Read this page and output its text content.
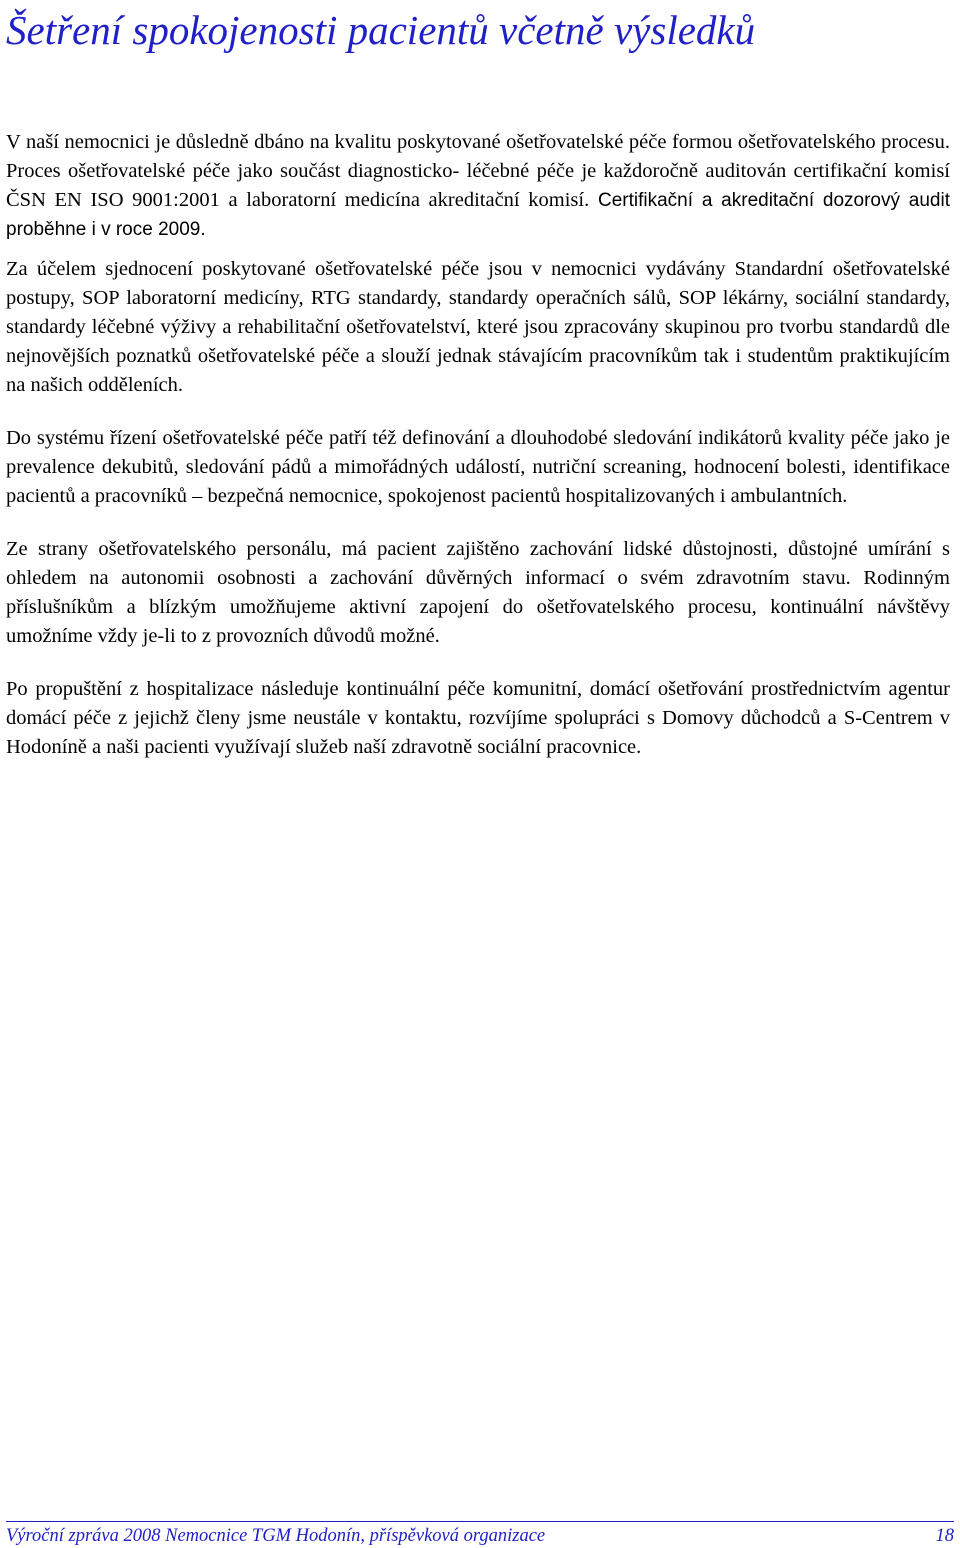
Šetření spokojenosti pacientů včetně výsledků

V naší nemocnici je důsledně dbáno na kvalitu poskytované ošetřovatelské péče formou ošetřovatelského procesu. Proces ošetřovatelské péče jako součást diagnosticko- léčebné péče je každoročně auditován certifikační komisí ČSN EN ISO 9001:2001 a laboratorní medicína akreditační komisí. Certifikační a akreditační dozorový audit proběhne i v roce 2009.

Za účelem sjednocení poskytované ošetřovatelské péče jsou v nemocnici vydávány Standardní ošetřovatelské postupy, SOP laboratorní medicíny, RTG standardy, standardy operačních sálů, SOP lékárny, sociální standardy, standardy léčebné výživy a rehabilitační ošetřovatelství, které jsou zpracovány skupinou pro tvorbu standardů dle nejnovějších poznatků ošetřovatelské péče a slouží jednak stávajícím pracovníkům tak i studentům praktikujícím na našich odděleních.

Do systému řízení ošetřovatelské péče patří též definování a dlouhodobé sledování indikátorů kvality péče jako je prevalence dekubitů, sledování pádů a mimořádných událostí, nutriční screaning, hodnocení bolesti, identifikace pacientů a pracovníků – bezpečná nemocnice, spokojenost pacientů hospitalizovaných i ambulantních.

Ze strany ošetřovatelského personálu, má pacient zajištěno zachování lidské důstojnosti, důstojné umírání s ohledem na autonomii osobnosti a zachování důvěrných informací o svém zdravotním stavu. Rodinným příslušníkům a blízkým umožňujeme aktivní zapojení do ošetřovatelského procesu, kontinuální návštěvy umožníme vždy je-li to z provozních důvodů možné.

Po propuštění z hospitalizace následuje kontinuální péče komunitní, domácí ošetřování prostřednictvím agentur domácí péče z jejichž členy jsme neustále v kontaktu, rozvíjíme spolupráci s Domovy důchodců a S-Centrem v Hodoníně a naši pacienti využívají služeb naší zdravotně sociální pracovnice.

Výroční zpráva 2008 Nemocnice TGM Hodonín, příspěvková organizace	18
